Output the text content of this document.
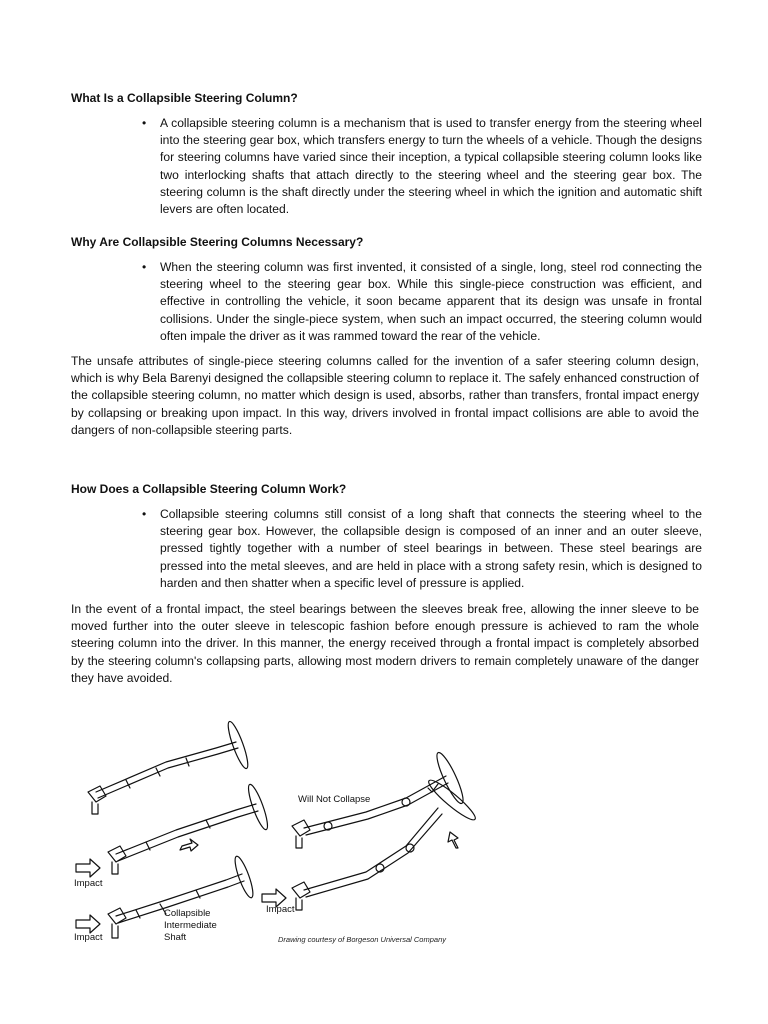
What Is a Collapsible Steering Column?
• A collapsible steering column is a mechanism that is used to transfer energy from the steering wheel into the steering gear box, which transfers energy to turn the wheels of a vehicle. Though the designs for steering columns have varied since their inception, a typical collapsible steering column looks like two interlocking shafts that attach directly to the steering wheel and the steering gear box. The steering column is the shaft directly under the steering wheel in which the ignition and automatic shift levers are often located.
Why Are Collapsible Steering Columns Necessary?
• When the steering column was first invented, it consisted of a single, long, steel rod connecting the steering wheel to the steering gear box. While this single-piece construction was efficient, and effective in controlling the vehicle, it soon became apparent that its design was unsafe in frontal collisions. Under the single-piece system, when such an impact occurred, the steering column would often impale the driver as it was rammed toward the rear of the vehicle.

The unsafe attributes of single-piece steering columns called for the invention of a safer steering column design, which is why Bela Barenyi designed the collapsible steering column to replace it. The safely enhanced construction of the collapsible steering column, no matter which design is used, absorbs, rather than transfers, frontal impact energy by collapsing or breaking upon impact. In this way, drivers involved in frontal impact collisions are able to avoid the dangers of non-collapsible steering parts.

How Does a Collapsible Steering Column Work?
• Collapsible steering columns still consist of a long shaft that connects the steering wheel to the steering gear box. However, the collapsible design is composed of an inner and an outer sleeve, pressed tightly together with a number of steel bearings in between. These steel bearings are pressed into the metal sleeves, and are held in place with a strong safety resin, which is designed to harden and then shatter when a specific level of pressure is applied.

In the event of a frontal impact, the steel bearings between the sleeves break free, allowing the inner sleeve to be moved further into the outer sleeve in telescopic fashion before enough pressure is achieved to ram the whole steering column into the driver. In this manner, the energy received through a frontal impact is completely absorbed by the steering column's collapsing parts, allowing most modern drivers to remain completely unaware of the danger they have avoided.

Will Not Collapse
Impact
Impact
Impact
Collapsible
Intermediate
Shaft	Drawing courtesy of Borgeson Universal Company
